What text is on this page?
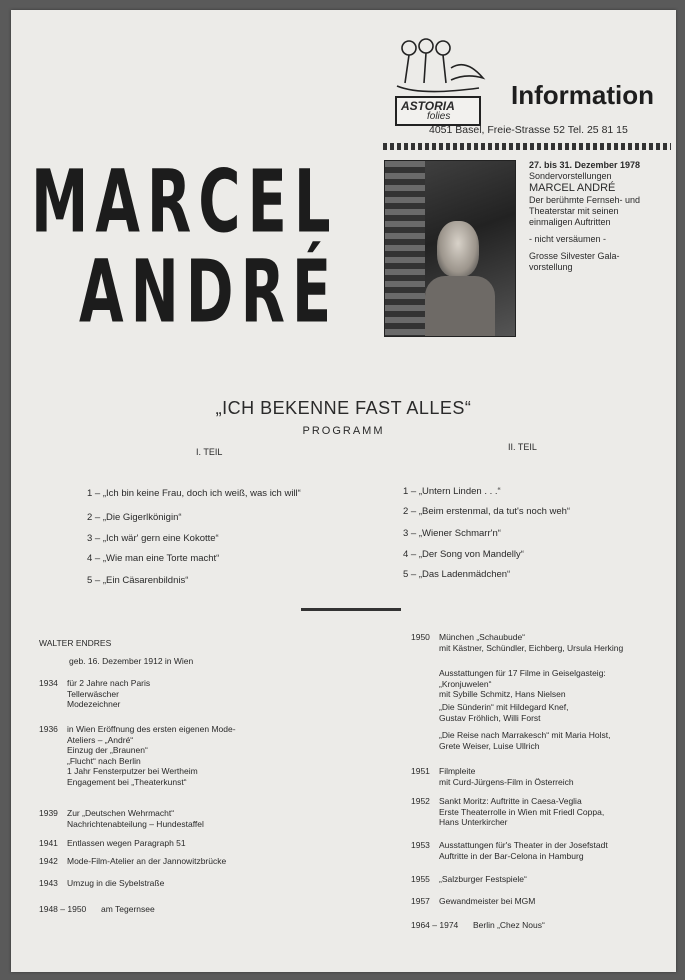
MARCEL
ANDRÉ
ASTORIA
folies
Information
4051 Basel, Freie-Strasse 52 Tel. 25 81 15
27. bis 31. Dezember 1978
Sondervorstellungen
MARCEL ANDRÉ
Der berühmte Fernseh- und
Theaterstar mit seinen
einmaligen Auftritten
- nicht versäumen -
Grosse Silvester Gala-
vorstellung
„ICH BEKENNE FAST ALLES“
PROGRAMM
I. TEIL	II. TEIL
1 – „Ich bin keine Frau, doch ich weiß, was ich will“
2 – „Die Gigerlkönigin“
3 – „Ich wär' gern eine Kokotte“
4 – „Wie man eine Torte macht“
5 – „Ein Cäsarenbildnis“
1 – „Untern Linden . . .“
2 – „Beim erstenmal, da tut's noch weh“
3 – „Wiener Schmarr'n“
4 – „Der Song von Mandelly“
5 – „Das Ladenmädchen“
WALTER ENDRES
geb. 16. Dezember 1912 in Wien
1934 für 2 Jahre nach Paris
Tellerwäscher
Modezeichner
1936 in Wien Eröffnung des ersten eigenen Mode-
Ateliers – „André“
Einzug der „Braunen“
„Flucht“ nach Berlin
1 Jahr Fensterputzer bei Wertheim
Engagement bei „Theaterkunst“
1939 Zur „Deutschen Wehrmacht“
Nachrichtenabteilung – Hundestaffel
1941 Entlassen wegen Paragraph 51
1942 Mode-Film-Atelier an der Jannowitzbrücke
1943 Umzug in die Sybelstraße
1948 – 1950 am Tegernsee
1950 München „Schaubude“
mit Kästner, Schündler, Eichberg, Ursula Herking
Ausstattungen für 17 Filme in Geiselgasteig:
„Kronjuwelen“
mit Sybille Schmitz, Hans Nielsen
„Die Sünderin“ mit Hildegard Knef,
Gustav Fröhlich, Willi Forst
„Die Reise nach Marrakesch“ mit Maria Holst,
Grete Weiser, Luise Ullrich
1951 Filmpleite
mit Curd-Jürgens-Film in Österreich
1952 Sankt Moritz: Auftritte in Caesa-Veglia
Erste Theaterrolle in Wien mit Friedl Coppa,
Hans Unterkircher
1953 Ausstattungen für's Theater in der Josefstadt
Auftritte in der Bar-Celona in Hamburg
1955 „Salzburger Festspiele“
1957 Gewandmeister bei MGM
1964 – 1974 Berlin „Chez Nous“
